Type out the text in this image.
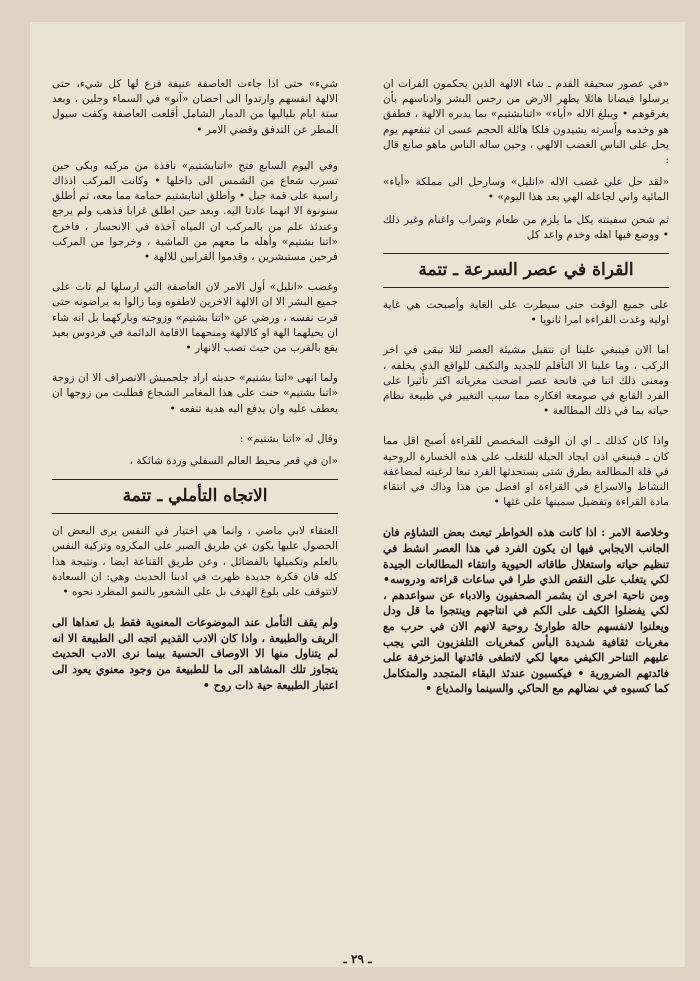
«في عصور سحيقة القدم ـ شاء الالهة الذين يحكمون الفرات ان يرسلوا فيضانا هائلا يطهر الارض من رجس البشر وادناسهم بأن يغرقوهم • ويبلغ الاله «أياء» «اتنابشتيم» بما يدبره الالهة ، فطفق هو وخدمه وأسرته يشيدون فلكا هائلة الحجم عسى ان تنفعهم يوم يحل على الناس الغضب الالهي ، وحين ساله الناس ماهو صانع قال :

«لقد حل علي غضب الاله «انليل» وسارحل الى مملكة «أياء» المائية واني لجاعله الهي بعد هذا اليوم» •

ثم شحن سفينته بكل ما يلزم من طعام وشراب واغنام وغير ذلك • ووضع فيها اهله وخدم واعد كل

القراة في عصر السرعة ـ تتمة

على جميع الوقت حتى سيطرت على الغاية وأصبحت هي غاية اولية وغدت القراءة امرا ثانويا •

اما الان فينبغي علينا ان نتقبل مشيئة العصر لئلا نبقى في اخر الركب ، وما علينا الا التأقلم للجديد والتكيف للواقع الذي يخلفه ، ومعنى ذلك اننا في فاتحة عصر اضحت مغرياته اكثر تأثيرا على الفرد القابع في صومعة افكاره مما سبب التغيير في طبيعة نظام حياته بما في ذلك المطالعة •

واذا كان كذلك ـ اي ان الوقت المخصص للقراءة أصبح اقل مما كان ـ فينبغي اذن ايجاد الحيلة للتغلب على هذه الخسارة الروحية في قلة المطالعة بطرق شتى يستحدثها الفرد تبعا لرغبته لمضاعفة النشاط والاسراع في القراءة او افضل من هذا وذاك في انتقاء مادة القراءة وتفضيل سمينها على غثها •

وخلاصة الامر : اذا كانت هذه الخواطر تبعث بعض التشاؤم فان الجانب الايجابي فيها ان يكون الفرد في هذا العصر انشط في تنظيم حياته واستغلال طاقاته الحيوية وانتقاء المطالعات الجيدة لكي يتغلب على النقص الذي طرا في ساعات قراءته ودروسه• ومن ناحية اخرى ان يشمر الصحفيون والادباء عن سواعدهم ، لكي يفضلوا الكيف على الكم في انتاجهم وينتجوا ما قل ودل ويعلنوا لانفسهم حالة طوارئ روحية لانهم الان في حرب مع مغريات ثقافية شديدة البأس كمغريات التلفزيون التي يجب عليهم التناحر الكيفي معها لكي لاتطغى فائدتها المزخرفة على فائدتهم الضرورية • فيكسبون عندئذ البقاء المتجدد والمتكامل كما كسبوه في نضالهم مع الحاكي والسينما والمذياع •

شيء» حتى اذا جاءت العاصفة عنيفة فزع لها كل شيء، حتى الالهة انفسهم وارتدوا الى احضان «آنو» في السماء وجلين ، وبعد ستة ايام بلياليها من الدمار الشامل أقلعت العاصفة وكفت سيول المطر عن التدفق وقضي الامر •

وفي اليوم السابع فتح «اتنابشتيم» نافذة من مركبه وبكى حين تسرب شعاع من الشمس الى داخلها • وكانت المركب اذذاك راسية على قمة جبل • واطلق اتنابشتيم حمامة مما معه، ثم أطلق سنونوة الا انهما عادتا اليه. وبعد حين اطلق غرابا فذهب ولم يرجع وعندئذ علم من بالمركب ان المياه آخذة في الانحسار ، فاخرج «اتنا بشتيم» وأهله ما معهم من الماشية ، وخرجوا من المركب فرحين مستبشرين ، وقدموا القرابين للالهة •

وغضب «انليل» أول الامر لان العاصفة التي ارسلها لم تات على جميع البشر الا ان الالهة الاخرين لاطفوه وما زالوا به يراضونه حتى قرت نفسه ، ورضي عن «اتنا بشتيم» وزوجته وباركهما بل انه شاء ان يحيلهما الهة او كالالهة ومنحهما الاقامة الدائمة في فردوس بعيد يقع بالقرب من حيث تصب الانهار •

ولما انهى «اتنا بشتيم» حديثه اراد جلجميش الانصراف الا ان زوجة «اتنا بشتيم» حنت على هذا المغامر الشجاع فطلبت من زوجها ان يعطف عليه وان يدفع اليه هدية تنفعه •

وقال له «اتنا بشتيم» :

«ان في قعر محيط العالم السفلي وردة شائكة ،

الاتجاه التأملي ـ تتمة

العتقاء لابي ماضي ، وانما هي اختيار في النفس يرى البعض ان الحصول عليها يكون عن طريق الصبر على المكروه وتزكية النفس بالعلم وتكميلها بالفضائل ، وعن طريق القناعة ايضا ، ونتيجة هذا كله فان فكرة جديدة ظهرت في ادبنا الحديث وهي: ان السعادة لاتتوقف على بلوغ الهدف بل على الشعور بالنمو المطرد نحوه •

ولم يقف التأمل عند الموضوعات المعنوية فقط بل تعداها الى الريف والطبيعة ، واذا كان الادب القديم اتجه الى الطبيعة الا انه لم يتناول منها الا الاوصاف الحسية بينما نرى الادب الحديث يتجاوز تلك المشاهد الى ما للطبيعة من وجود معنوي يعود الى اعتبار الطبيعة حية ذات روح •

ـ ٢٩ ـ
